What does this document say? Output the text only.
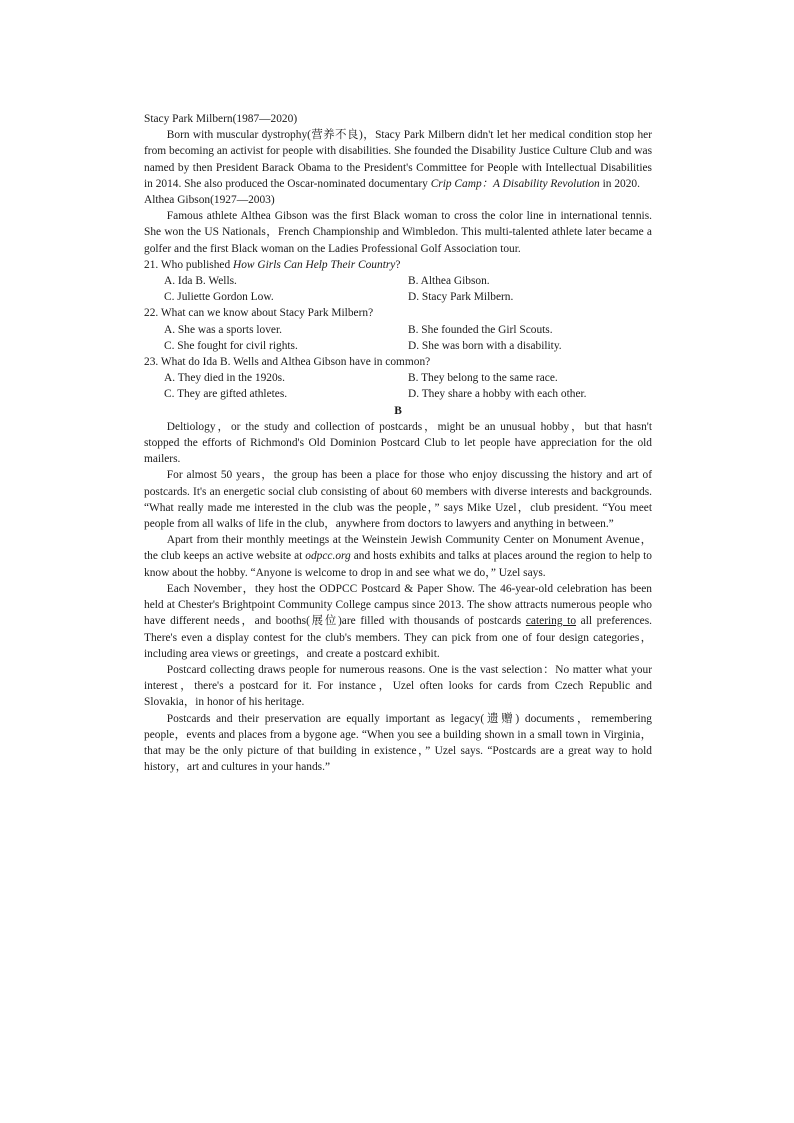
Stacy Park Milbern(1987—2020)

Born with muscular dystrophy(营养不良)，Stacy Park Milbern didn't let her medical condition stop her from becoming an activist for people with disabilities. She founded the Disability Justice Culture Club and was named by then President Barack Obama to the President's Committee for People with Intellectual Disabilities in 2014. She also produced the Oscar-nominated documentary Crip Camp：A Disability Revolution in 2020.

Althea Gibson(1927—2003)

Famous athlete Althea Gibson was the first Black woman to cross the color line in international tennis. She won the US Nationals，French Championship and Wimbledon. This multi-talented athlete later became a golfer and the first Black woman on the Ladies Professional Golf Association tour.

21. Who published How Girls Can Help Their Country?

A. Ida B. Wells.	B. Althea Gibson.
C. Juliette Gordon Low.	D. Stacy Park Milbern.

22. What can we know about Stacy Park Milbern?

A. She was a sports lover.	B. She founded the Girl Scouts.
C. She fought for civil rights.	D. She was born with a disability.

23. What do Ida B. Wells and Althea Gibson have in common?

A. They died in the 1920s.	B. They belong to the same race.
C. They are gifted athletes.	D. They share a hobby with each other.
B

Deltiology，or the study and collection of postcards，might be an unusual hobby，but that hasn't stopped the efforts of Richmond's Old Dominion Postcard Club to let people have appreciation for the old mailers.

For almost 50 years，the group has been a place for those who enjoy discussing the history and art of postcards. It's an energetic social club consisting of about 60 members with diverse interests and backgrounds. “What really made me interested in the club was the people，” says Mike Uzel，club president. “You meet people from all walks of life in the club，anywhere from doctors to lawyers and anything in between.”

Apart from their monthly meetings at the Weinstein Jewish Community Center on Monument Avenue，the club keeps an active website at odpcc.org and hosts exhibits and talks at places around the region to help to know about the hobby. “Anyone is welcome to drop in and see what we do，” Uzel says.

Each November，they host the ODPCC Postcard & Paper Show. The 46-year-old celebration has been held at Chester's Brightpoint Community College campus since 2013. The show attracts numerous people who have different needs，and booths(展位)are filled with thousands of postcards catering to all preferences. There's even a display contest for the club's members. They can pick from one of four design categories，including area views or greetings，and create a postcard exhibit.

Postcard collecting draws people for numerous reasons. One is the vast selection：No matter what your interest，there's a postcard for it. For instance，Uzel often looks for cards from Czech Republic and Slovakia，in honor of his heritage.

Postcards and their preservation are equally important as legacy(遗赠) documents，remembering people，events and places from a bygone age. “When you see a building shown in a small town in Virginia，that may be the only picture of that building in existence，” Uzel says. “Postcards are a great way to hold history，art and cultures in your hands.”
